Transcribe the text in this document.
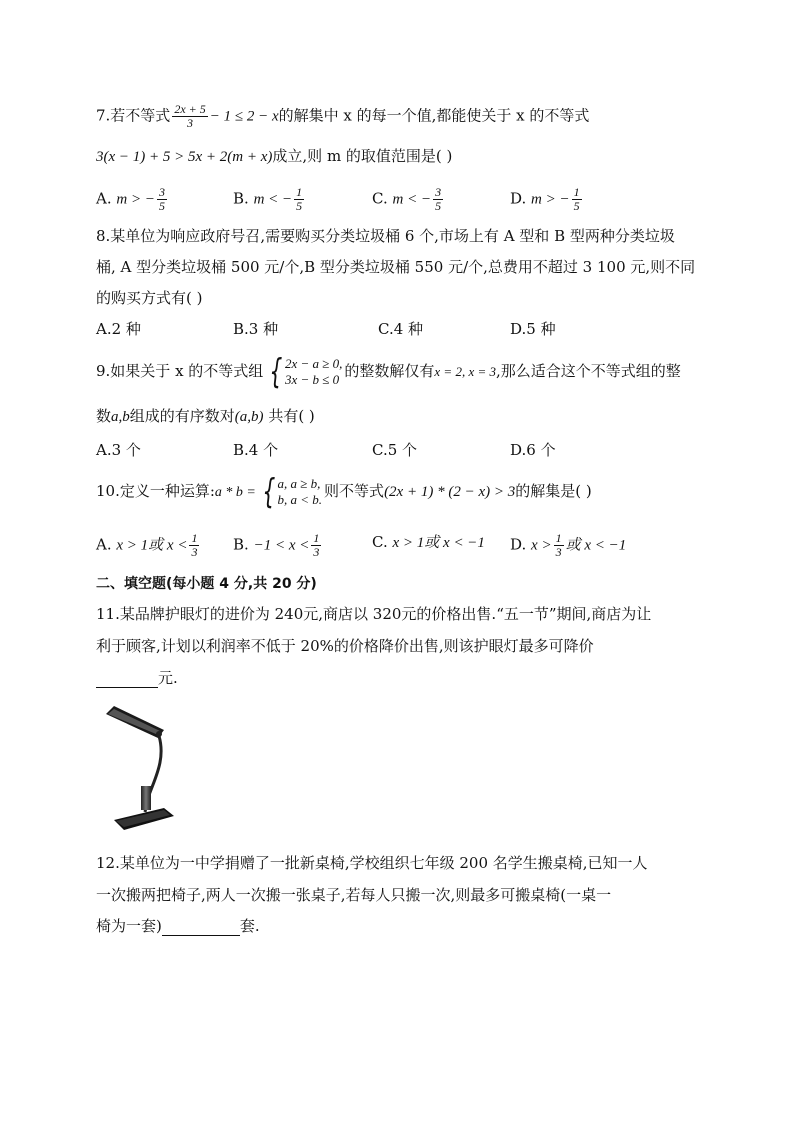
7.若不等式 $\frac{2x + 5}{3} - 1 \le 2 - x$的解集中 x 的每一个值,都能使关于 x 的不等式
3(x − 1) + 5 > 5x + 2(m + x)成立,则 m 的取值范围是( )
A. m > − $\frac{3}{5}$	B. m < − $\frac{1}{5}$	C. m < − $\frac{3}{5}$	D. m > − $\frac{1}{5}$
8.某单位为响应政府号召,需要购买分类垃圾桶 6 个,市场上有 A 型和 B 型两种分类垃圾
桶, A 型分类垃圾桶 500 元/个,B 型分类垃圾桶 550 元/个,总费用不超过 3 100 元,则不同
的购买方式有( )
A.2 种	B.3 种	C.4 种	D.5 种
9.如果关于 x 的不等式组 { 2x − a ≥ 0,
3x − b ≤ 0 的整数解仅有x = 2, x = 3,那么适合这个不等式组的整
数a,b组成的有序数对(a,b) 共有( )
A.3 个	B.4 个	C.5 个	D.6 个
10.定义一种运算:a * b = { a, a ≥ b,
b, a < b. 则不等式(2x + 1) * (2 − x) > 3的解集是( )
A. x > 1或 $x < \frac{1}{3} B$. $-1 < x < \frac{1}{3}$	C. x > 1或 x < −1 D. $x > \frac{1}{3}$ 或 x < −1
二、填空题(每小题 4 分,共 20 分)
11.某品牌护眼灯的进价为 240元,商店以 320元的价格出售.“五一节”期间,商店为让
利于顾客,计划以利润率不低于 20%的价格降价出售,则该护眼灯最多可降价
元.
12.某单位为一中学捐赠了一批新桌椅,学校组织七年级 200 名学生搬桌椅,已知一人
一次搬两把椅子,两人一次搬一张桌子,若每人只搬一次,则最多可搬桌椅(一桌一
椅为一套)	套.
